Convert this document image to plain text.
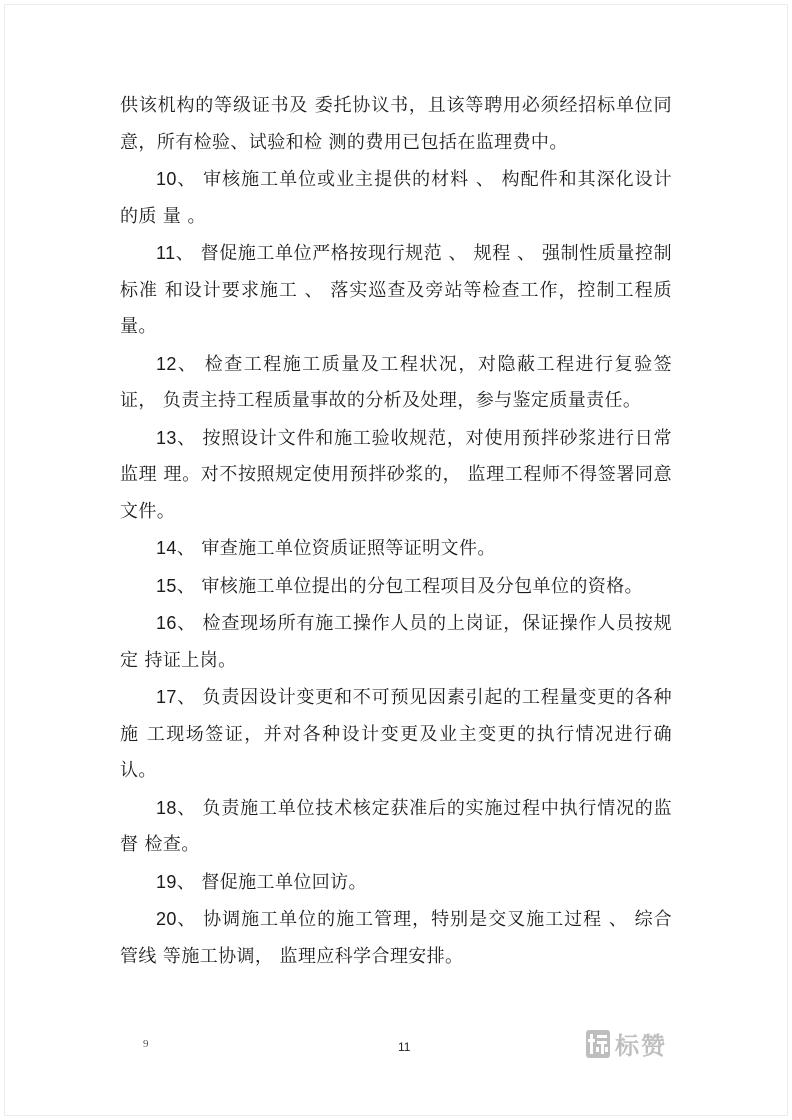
供该机构的等级证书及 委托协议书，且该等聘用必须经招标单位同意，所有检验、试验和检 测的费用已包括在监理费中。

10、 审核施工单位或业主提供的材料 、 构配件和其深化设计的质 量 。

11、 督促施工单位严格按现行规范 、 规程 、 强制性质量控制标准 和设计要求施工 、 落实巡查及旁站等检查工作，控制工程质量。

12、 检查工程施工质量及工程状况，对隐蔽工程进行复验签证， 负责主持工程质量事故的分析及处理，参与鉴定质量责任。

13、 按照设计文件和施工验收规范，对使用预拌砂浆进行日常监理 理。对不按照规定使用预拌砂浆的， 监理工程师不得签署同意文件。

14、 审查施工单位资质证照等证明文件。

15、 审核施工单位提出的分包工程项目及分包单位的资格。

16、 检查现场所有施工操作人员的上岗证，保证操作人员按规定 持证上岗。

17、 负责因设计变更和不可预见因素引起的工程量变更的各种施 工现场签证，并对各种设计变更及业主变更的执行情况进行确认。

18、 负责施工单位技术核定获准后的实施过程中执行情况的监督 检查。

19、 督促施工单位回访。

20、 协调施工单位的施工管理，特别是交叉施工过程 、 综合管线 等施工协调， 监理应科学合理安排。

9	11	标赞
